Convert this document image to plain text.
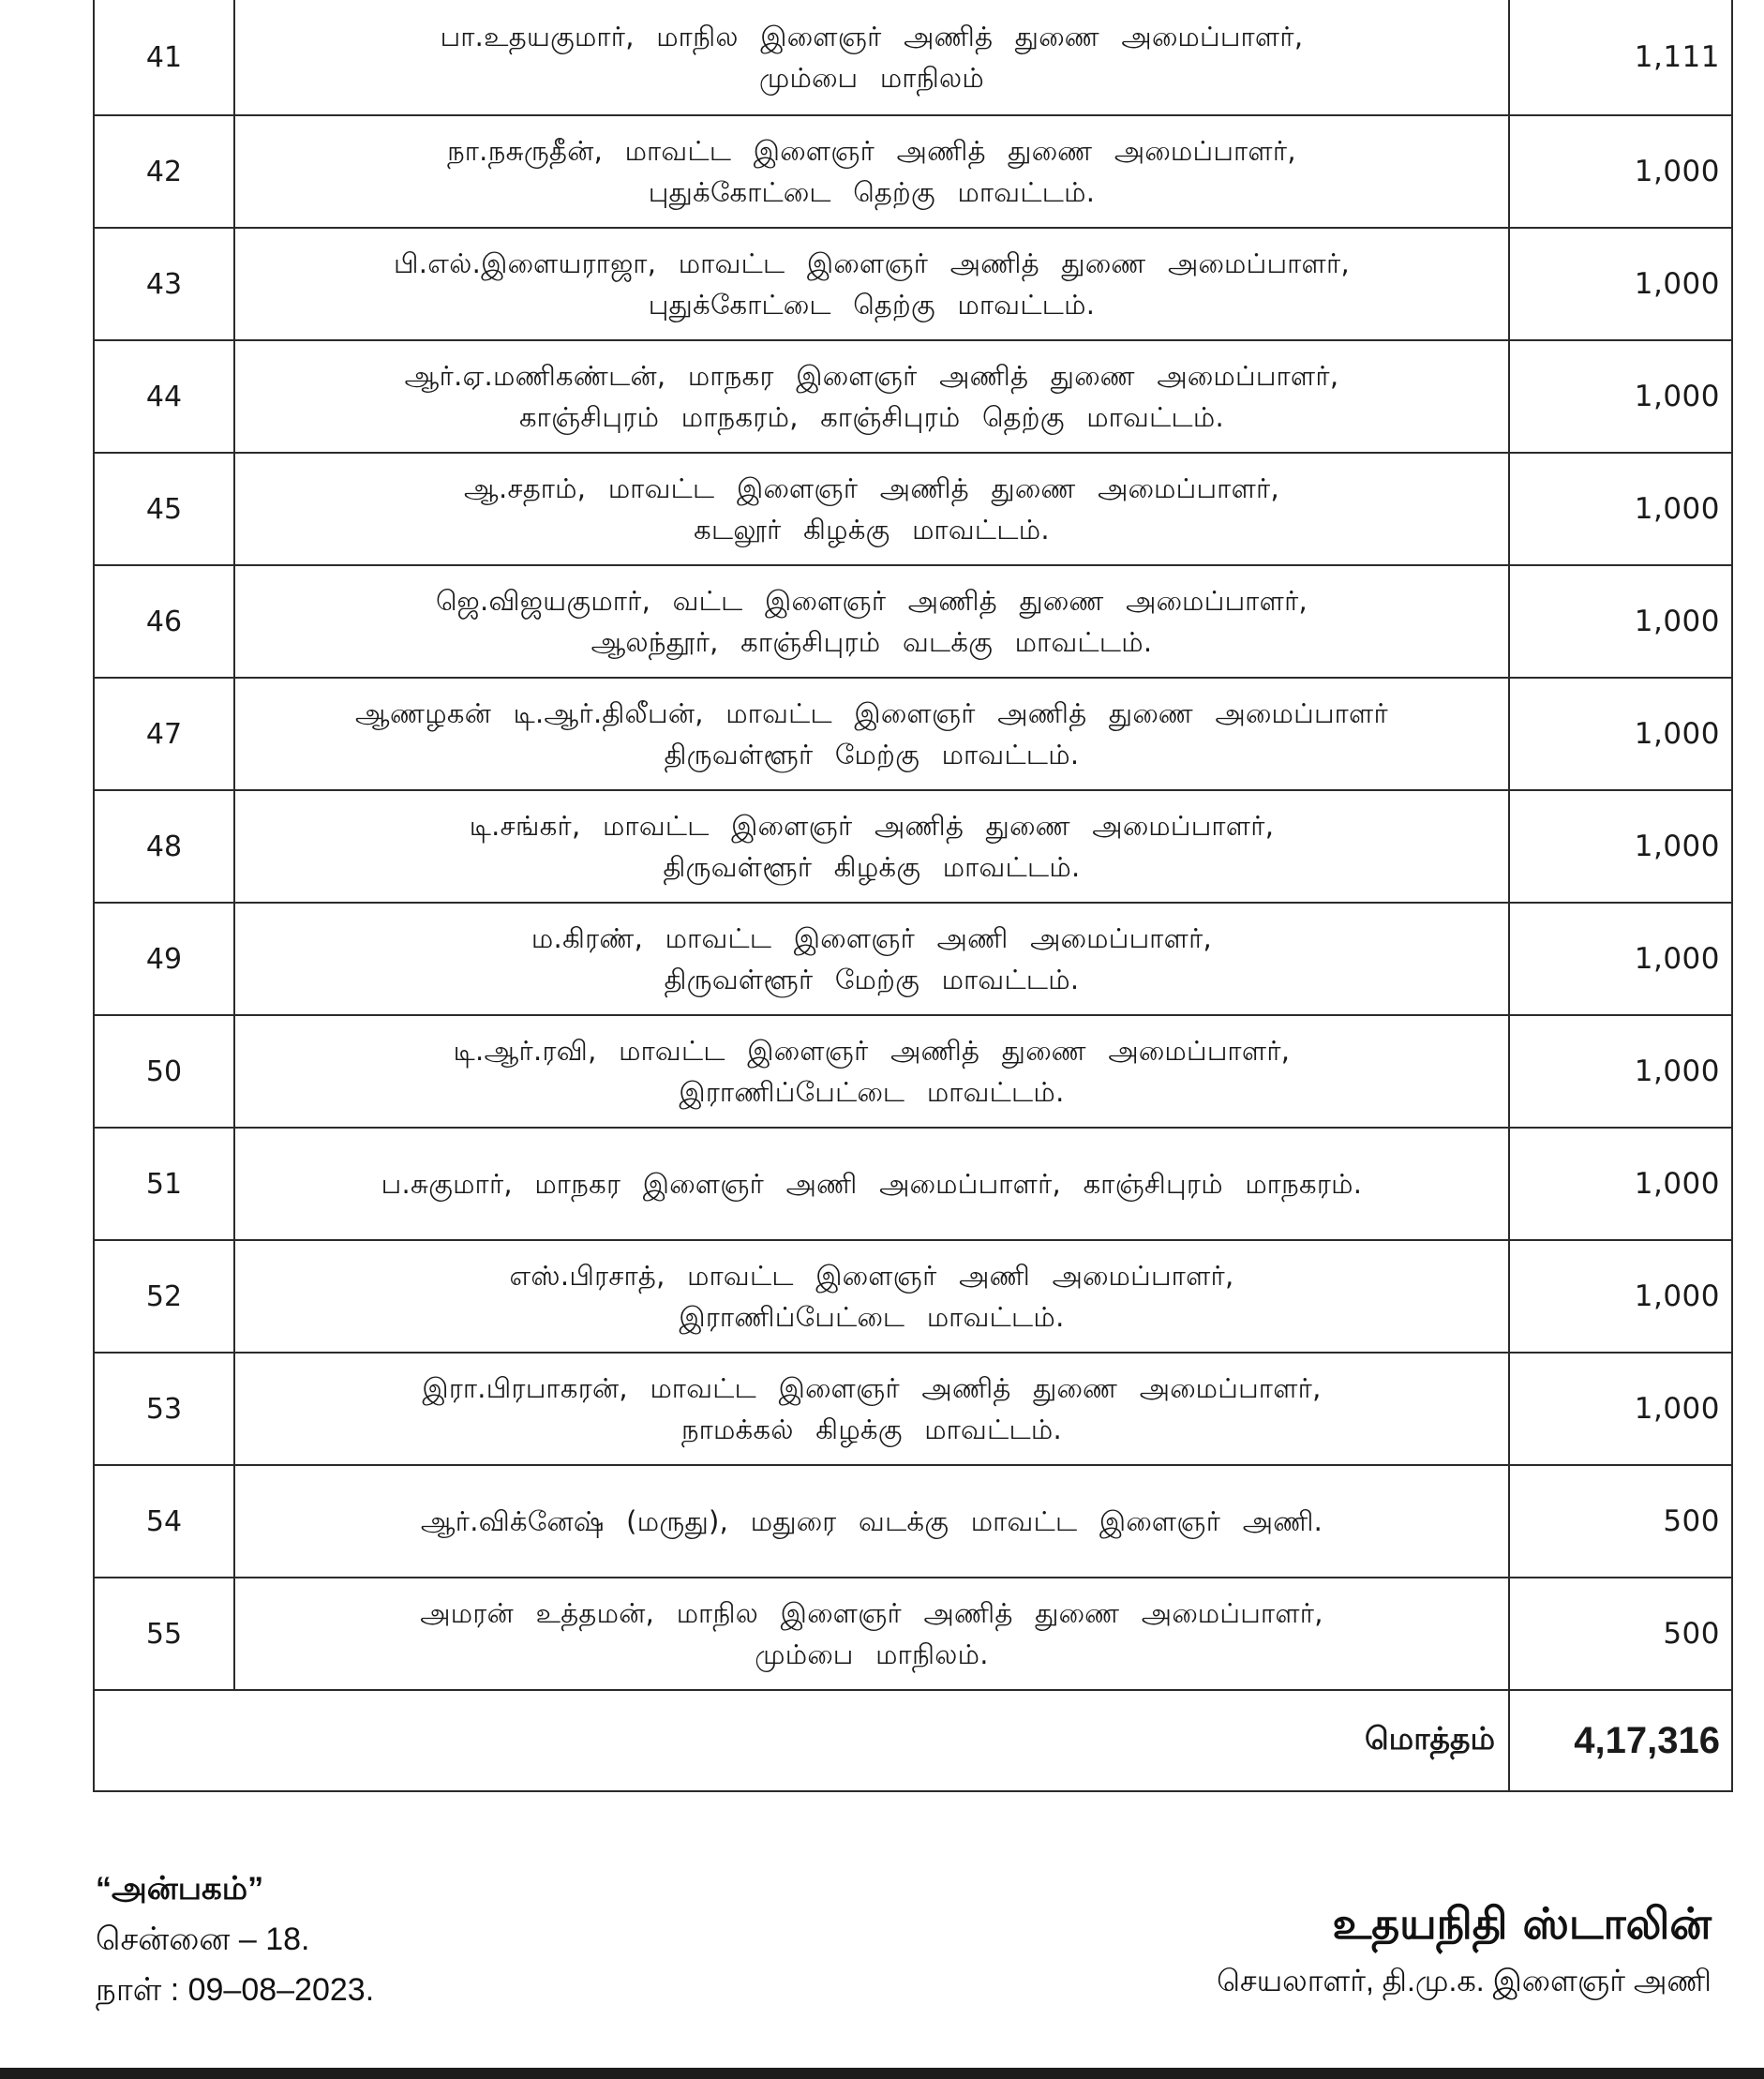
41	பா.உதயகுமார், மாநில இளைஞர் அணித் துணை அமைப்பாளர்,
மும்பை மாநிலம்	1,111
42	நா.நசுருதீன், மாவட்ட இளைஞர் அணித் துணை அமைப்பாளர்,
புதுக்கோட்டை தெற்கு மாவட்டம்.	1,000
43	பி.எல்.இளையராஜா, மாவட்ட இளைஞர் அணித் துணை அமைப்பாளர்,
புதுக்கோட்டை தெற்கு மாவட்டம்.	1,000
44	ஆர்.ஏ.மணிகண்டன், மாநகர இளைஞர் அணித் துணை அமைப்பாளர்,
காஞ்சிபுரம் மாநகரம், காஞ்சிபுரம் தெற்கு மாவட்டம்.	1,000
45	ஆ.சதாம், மாவட்ட இளைஞர் அணித் துணை அமைப்பாளர்,
கடலூர் கிழக்கு மாவட்டம்.	1,000
46	ஜெ.விஜயகுமார், வட்ட இளைஞர் அணித் துணை அமைப்பாளர்,
ஆலந்தூர், காஞ்சிபுரம் வடக்கு மாவட்டம்.	1,000
47	ஆணழகன் டி.ஆர்.திலீபன், மாவட்ட இளைஞர் அணித் துணை அமைப்பாளர்
திருவள்ளூர் மேற்கு மாவட்டம்.	1,000
48	டி.சங்கர், மாவட்ட இளைஞர் அணித் துணை அமைப்பாளர்,
திருவள்ளூர் கிழக்கு மாவட்டம்.	1,000
49	ம.கிரண், மாவட்ட இளைஞர் அணி அமைப்பாளர்,
திருவள்ளூர் மேற்கு மாவட்டம்.	1,000
50	டி.ஆர்.ரவி, மாவட்ட இளைஞர் அணித் துணை அமைப்பாளர்,
இராணிப்பேட்டை மாவட்டம்.	1,000
51	ப.சுகுமார், மாநகர இளைஞர் அணி அமைப்பாளர், காஞ்சிபுரம் மாநகரம்.	1,000
52	எஸ்.பிரசாத், மாவட்ட இளைஞர் அணி அமைப்பாளர்,
இராணிப்பேட்டை மாவட்டம்.	1,000
53	இரா.பிரபாகரன், மாவட்ட இளைஞர் அணித் துணை அமைப்பாளர்,
நாமக்கல் கிழக்கு மாவட்டம்.	1,000
54	ஆர்.விக்னேஷ் (மருது), மதுரை வடக்கு மாவட்ட இளைஞர் அணி.	500
55	அமரன் உத்தமன், மாநில இளைஞர் அணித் துணை அமைப்பாளர்,
மும்பை மாநிலம்.	500
மொத்தம்		4,17,316
“அன்பகம்”
சென்னை – 18.
நாள் : 09–08–2023.
உதயநிதி ஸ்டாலின்
செயலாளர், தி.மு.க. இளைஞர் அணி
